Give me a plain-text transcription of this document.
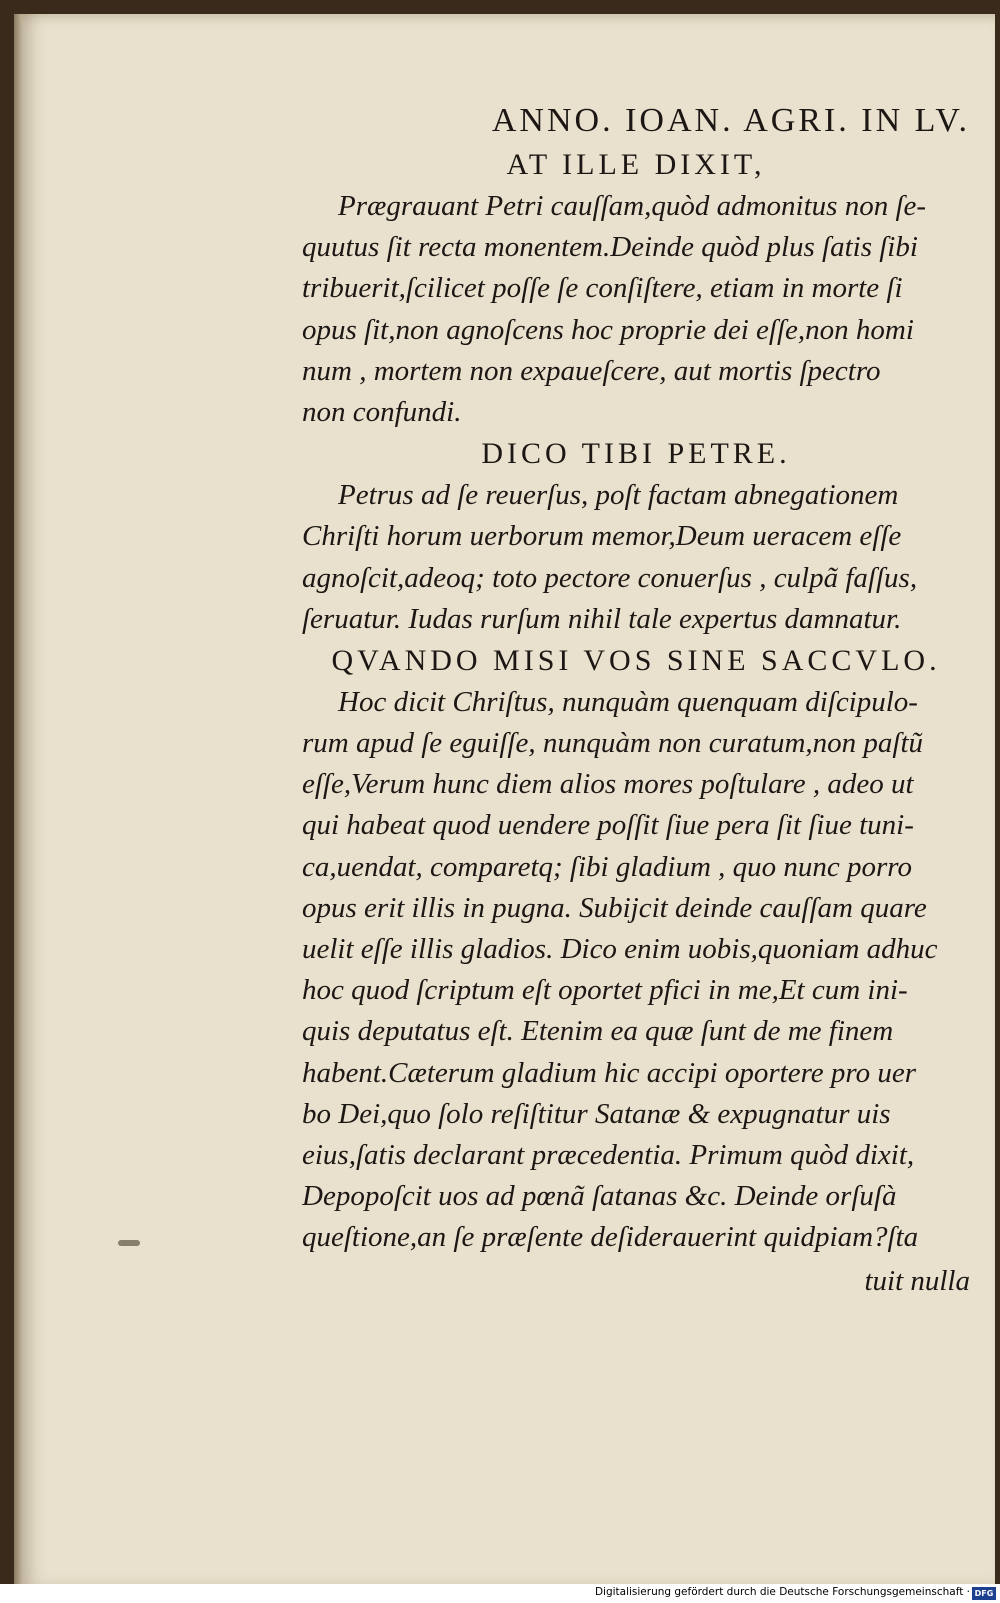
ANNO. IOAN. AGRI. IN LV.
AT ILLE DIXIT,
Prægrauant Petri cauſſam,quòd admonitus non ſe‑
quutus ſit recta monentem.Deinde quòd plus ſatis ſibi
tribuerit,ſcilicet poſſe ſe conſiſtere, etiam in morte ſi
opus ſit,non agnoſcens hoc proprie dei eſſe,non homi
num , mortem non expaueſcere, aut mortis ſpectro
non confundi.
DICO TIBI PETRE.
Petrus ad ſe reuerſus, poſt factam abnegationem
Chriſti horum uerborum memor,Deum ueracem eſſe
agnoſcit,adeoq; toto pectore conuerſus , culpã faſſus,
ſeruatur. Iudas rurſum nihil tale expertus damnatur.
QVANDO MISI VOS SINE SACCVLO.
Hoc dicit Chriſtus, nunquàm quenquam diſcipulo‑
rum apud ſe eguiſſe, nunquàm non curatum,non paſtũ
eſſe,Verum hunc diem alios mores poſtulare , adeo ut
qui habeat quod uendere poſſit ſiue pera ſit ſiue tuni‑
ca,uendat, comparetq; ſibi gladium , quo nunc porro
opus erit illis in pugna. Subijcit deinde cauſſam quare
uelit eſſe illis gladios. Dico enim uobis,quoniam adhuc
hoc quod ſcriptum eſt oportet pfici in me,Et cum ini‑
quis deputatus eſt. Etenim ea quæ ſunt de me finem
habent.Cæterum gladium hic accipi oportere pro uer
bo Dei,quo ſolo reſiſtitur Satanæ & expugnatur uis
eius,ſatis declarant præcedentia. Primum quòd dixit,
Depopoſcit uos ad pœnã ſatanas &c. Deinde orſuſà
queſtione,an ſe præſente deſiderauerint quidpiam?ſta
tuit nulla
Digitalisierung gefördert durch die Deutsche Forschungsgemeinschaft · DFG
